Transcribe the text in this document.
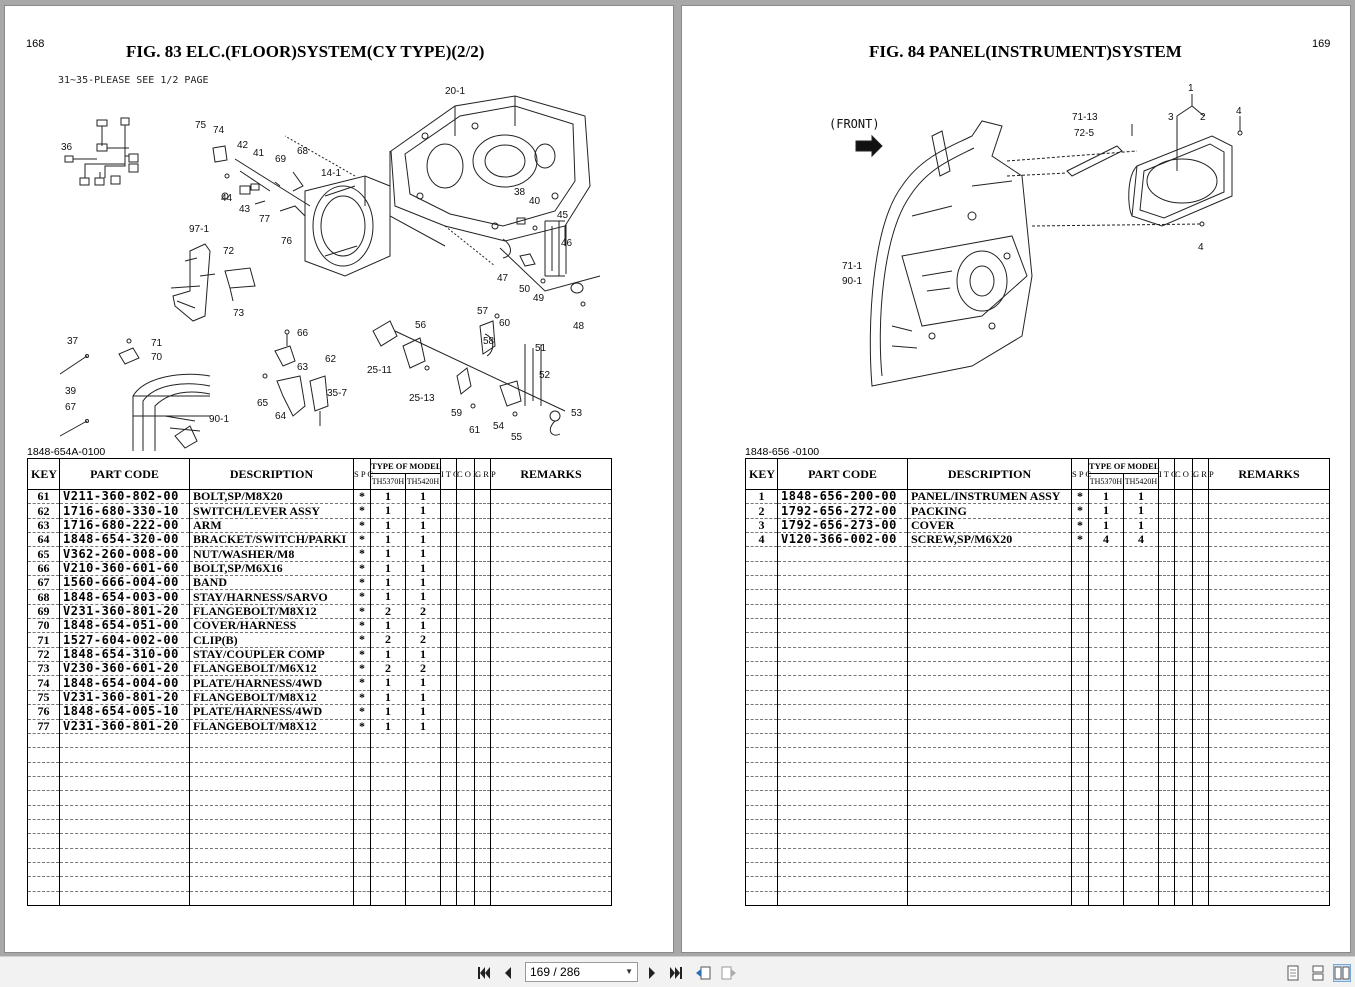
168	FIG. 83 ELC.(FLOOR)SYSTEM(CY TYPE)(2/2)
31~35-PLEASE SEE 1/2 PAGE
20-1
75 74
42
41
69
68
14-1
36
44
43
77
76
38
40
45
46
97-1
72
47
50
49
73
48
57
60
66
56
58
37	71
70	62
63	25-11
51
35-7
52
25-13
39
67
90-1
65
64	59
61 54
55
53
1848-654A-0100
KEY	PART CODE	DESCRIPTION	S P C	TYPE OF MODEL		I T C	C O L	G R P	REMARKS
				TH5370H	TH5420H				
61	V211-360-802-00	BOLT,SP/M8X20	*	1	1				
62	1716-680-330-10	SWITCH/LEVER ASSY	*	1	1				
63	1716-680-222-00	ARM	*	1	1				
64	1848-654-320-00	BRACKET/SWITCH/PARKI	*	1	1				
65	V362-260-008-00	NUT/WASHER/M8	*	1	1				
66	V210-360-601-60	BOLT,SP/M6X16	*	1	1				
67	1560-666-004-00	BAND	*	1	1				
68	1848-654-003-00	STAY/HARNESS/SARVO	*	1	1				
69	V231-360-801-20	FLANGEBOLT/M8X12	*	2	2				
70	1848-654-051-00	COVER/HARNESS	*	1	1				
71	1527-604-002-00	CLIP(B)	*	2	2				
72	1848-654-310-00	STAY/COUPLER COMP	*	1	1				
73	V230-360-601-20	FLANGEBOLT/M6X12	*	2	2				
74	1848-654-004-00	PLATE/HARNESS/4WD	*	1	1				
75	V231-360-801-20	FLANGEBOLT/M8X12	*	1	1				
76	1848-654-005-10	PLATE/HARNESS/4WD	*	1	1				
77	V231-360-801-20	FLANGEBOLT/M8X12	*	1	1				

169
FIG. 84 PANEL(INSTRUMENT)SYSTEM
(FRONT)
1
3	2
4
71-13
72-5
71-1
90-1
4
1848-656 -0100
KEY	PART CODE	DESCRIPTION	S P C	TYPE OF MODEL		I T C	C O L	G R P	REMARKS
				TH5370H	TH5420H				
1	1848-656-200-00	PANEL/INSTRUMEN ASSY	*	1	1				
2	1792-656-272-00	PACKING	*	1	1				
3	1792-656-273-00	COVER	*	1	1				
4	V120-366-002-00	SCREW,SP/M6X20	*	4	4				

169 / 286	▼
